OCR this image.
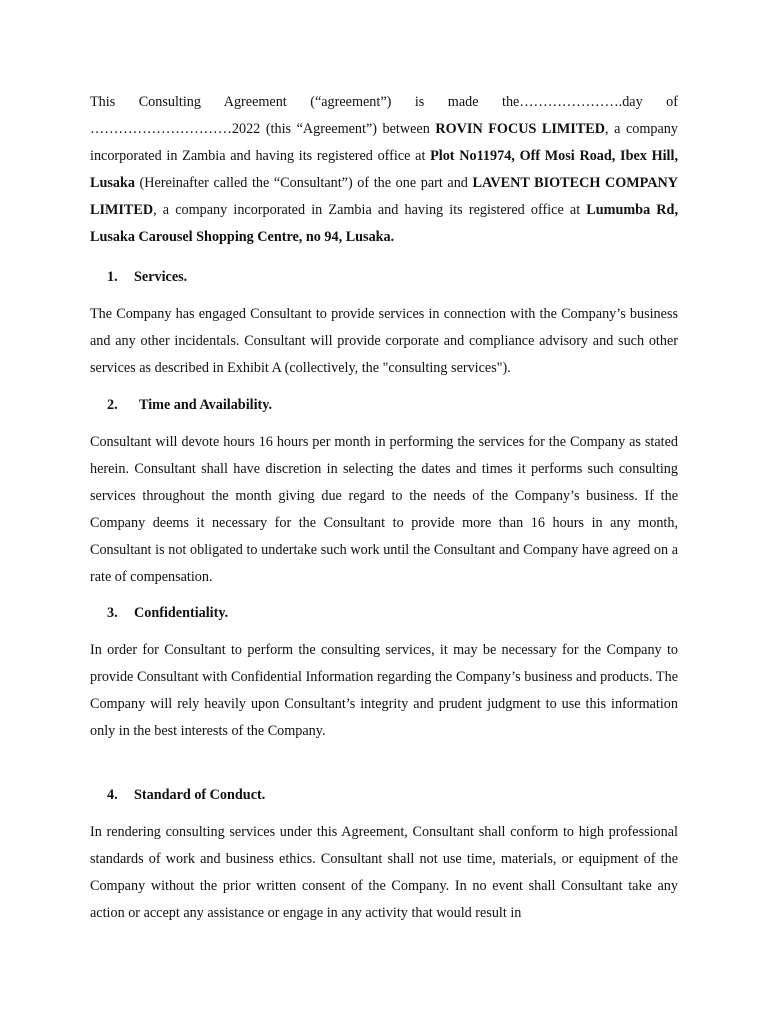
This Consulting Agreement (“agreement”) is made the………………….day of …………………………2022 (this “Agreement”) between ROVIN FOCUS LIMITED, a company incorporated in Zambia and having its registered office at Plot No11974, Off Mosi Road, Ibex Hill, Lusaka (Hereinafter called the “Consultant”) of the one part and LAVENT BIOTECH COMPANY LIMITED, a company incorporated in Zambia and having its registered office at Lumumba Rd, Lusaka Carousel Shopping Centre, no 94, Lusaka.

1. Services.

The Company has engaged Consultant to provide services in connection with the Company’s business and any other incidentals. Consultant will provide corporate and compliance advisory and such other services as described in Exhibit A (collectively, the "consulting services").

2. Time and Availability.

Consultant will devote hours 16 hours per month in performing the services for the Company as stated herein. Consultant shall have discretion in selecting the dates and times it performs such consulting services throughout the month giving due regard to the needs of the Company’s business. If the Company deems it necessary for the Consultant to provide more than 16 hours in any month, Consultant is not obligated to undertake such work until the Consultant and Company have agreed on a rate of compensation.

3. Confidentiality.

In order for Consultant to perform the consulting services, it may be necessary for the Company to provide Consultant with Confidential Information regarding the Company’s business and products. The Company will rely heavily upon Consultant’s integrity and prudent judgment to use this information only in the best interests of the Company.

4. Standard of Conduct.

In rendering consulting services under this Agreement, Consultant shall conform to high professional standards of work and business ethics. Consultant shall not use time, materials, or equipment of the Company without the prior written consent of the Company. In no event shall Consultant take any action or accept any assistance or engage in any activity that would result in
